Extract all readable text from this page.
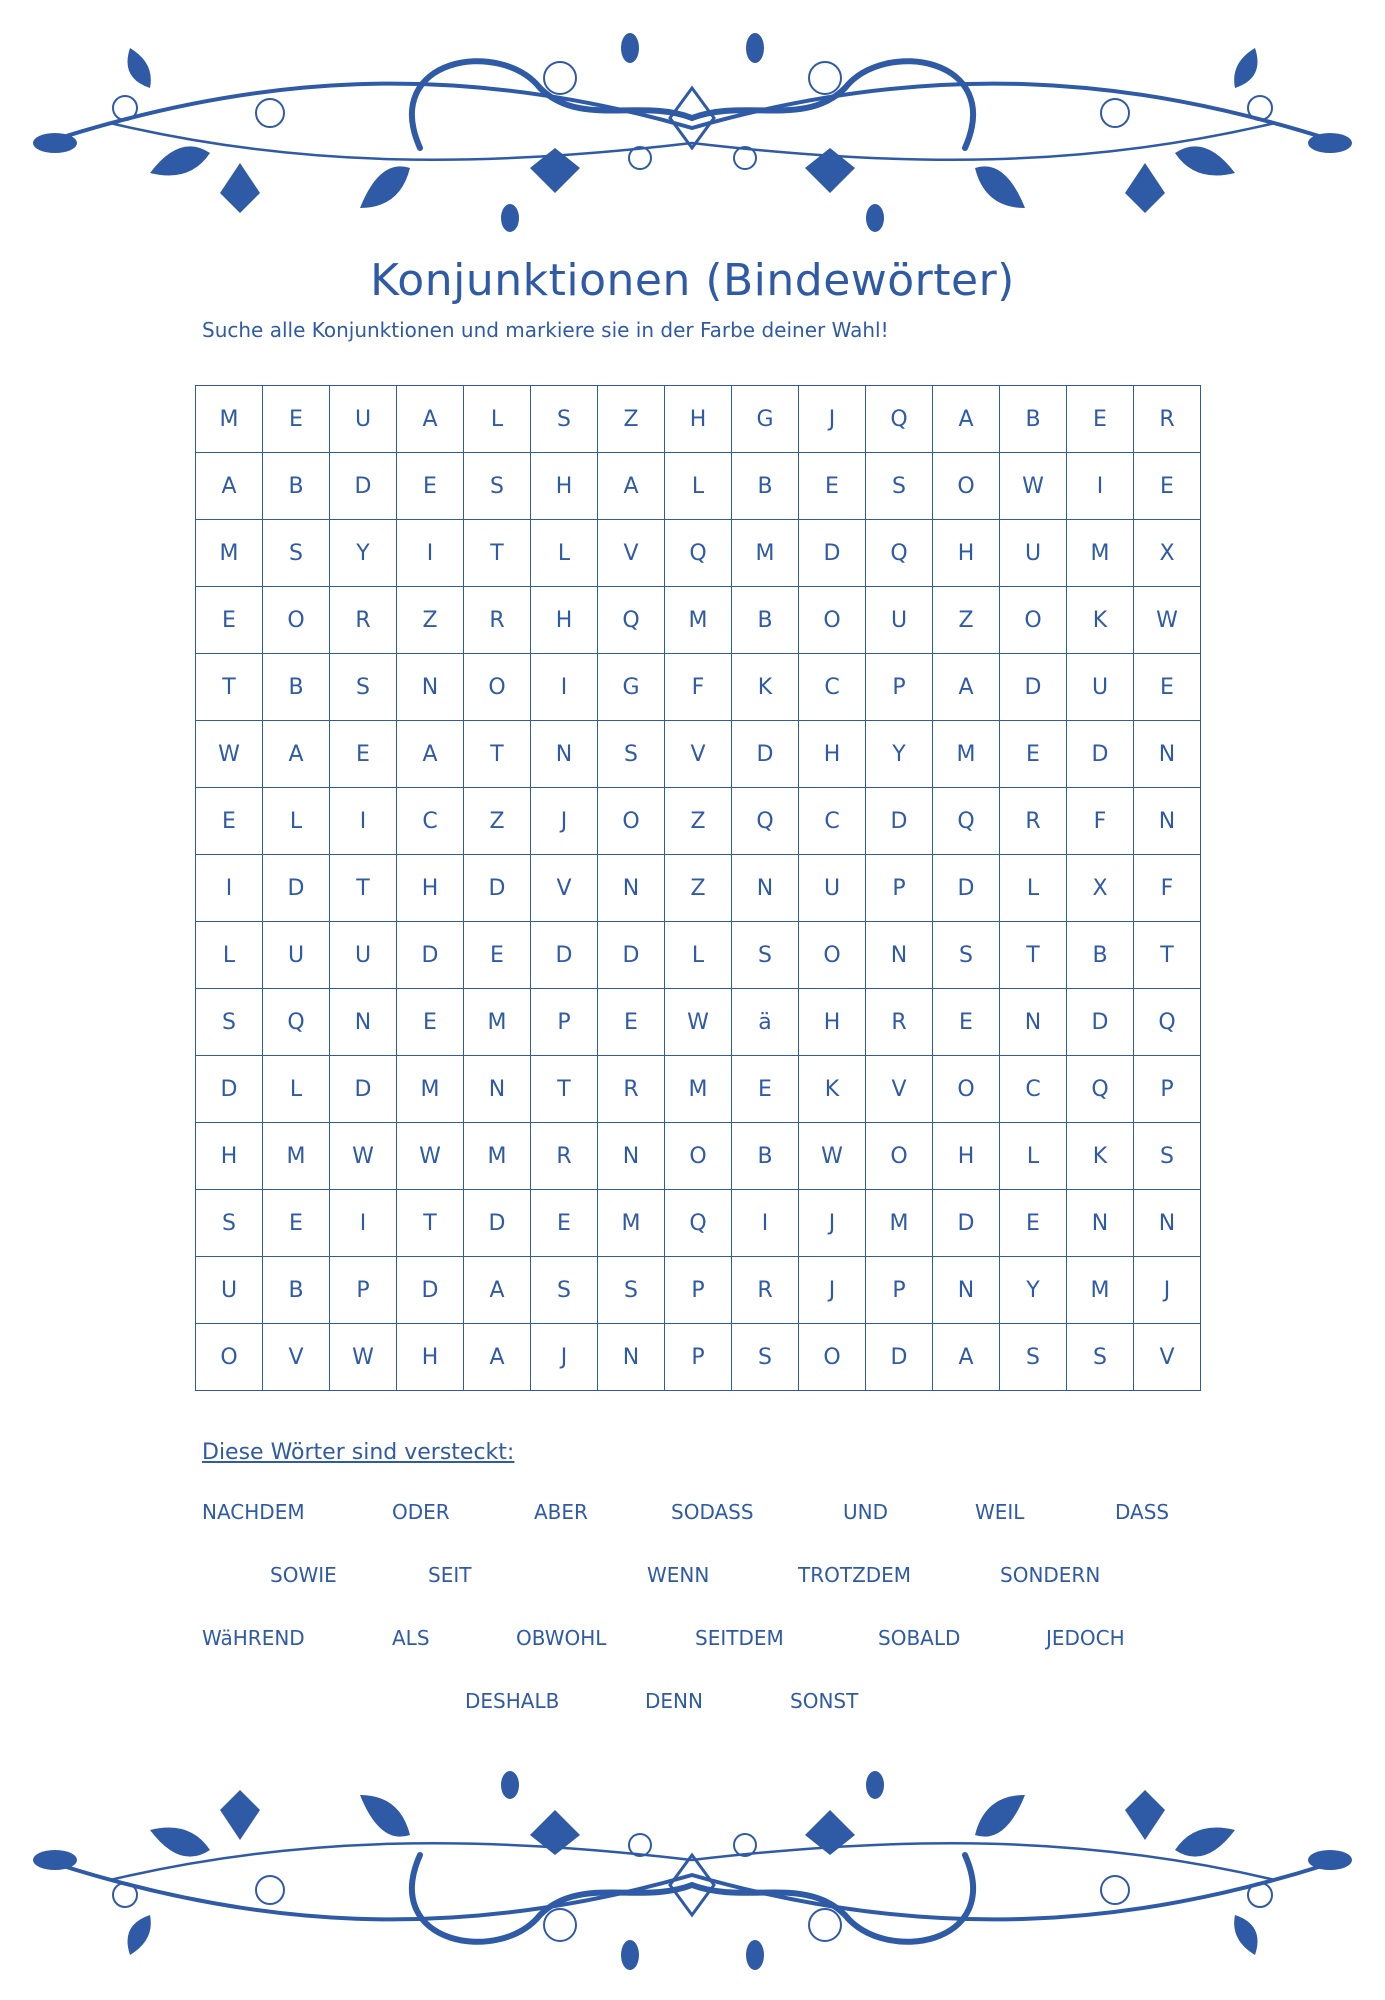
Konjunktionen (Bindewörter)
Suche alle Konjunktionen und markiere sie in der Farbe deiner Wahl!
M	E	U	A	L	S	Z	H	G	J	Q	A	B	E	R
A	B	D	E	S	H	A	L	B	E	S	O	W	I	E
M	S	Y	I	T	L	V	Q	M	D	Q	H	U	M	X
E	O	R	Z	R	H	Q	M	B	O	U	Z	O	K	W
T	B	S	N	O	I	G	F	K	C	P	A	D	U	E
W	A	E	A	T	N	S	V	D	H	Y	M	E	D	N
E	L	I	C	Z	J	O	Z	Q	C	D	Q	R	F	N
I	D	T	H	D	V	N	Z	N	U	P	D	L	X	F
L	U	U	D	E	D	D	L	S	O	N	S	T	B	T
S	Q	N	E	M	P	E	W	ä	H	R	E	N	D	Q
D	L	D	M	N	T	R	M	E	K	V	O	C	Q	P
H	M	W	W	M	R	N	O	B	W	O	H	L	K	S
S	E	I	T	D	E	M	Q	I	J	M	D	E	N	N
U	B	P	D	A	S	S	P	R	J	P	N	Y	M	J
O	V	W	H	A	J	N	P	S	O	D	A	S	S	V
Diese Wörter sind versteckt:
NACHDEM	ODER	ABER	SODASS	UND	WEIL	DASS
SOWIE	SEIT	WENN	TROTZDEM	SONDERN
WäHREND	ALS	OBWOHL	SEITDEM	SOBALD	JEDOCH
DESHALB	DENN	SONST
